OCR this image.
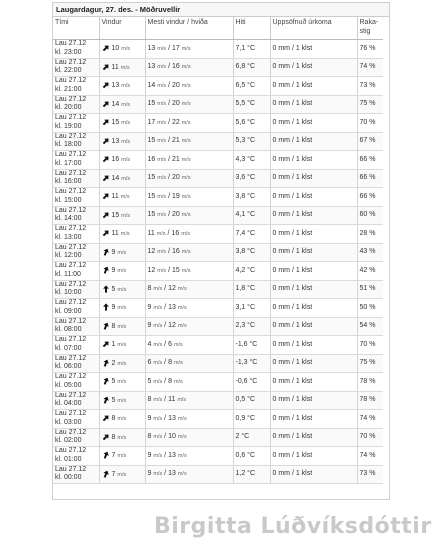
Laugardagur, 27. des. - Möðruvellir
Tími	Vindur	Mesti vindur / hviða	Hiti	Uppsöfnuð úrkoma	Raka-
stig
Lau 27.12
kl. 23:00	10 m/s	13 m/s / 17 m/s	7,1 °C	0 mm / 1 klst	76 %
Lau 27.12
kl. 22:00	11 m/s	13 m/s / 16 m/s	6,8 °C	0 mm / 1 klst	74 %
Lau 27.12
kl. 21:00	13 m/s	14 m/s / 20 m/s	6,5 °C	0 mm / 1 klst	73 %
Lau 27.12
kl. 20:00	14 m/s	15 m/s / 20 m/s	5,5 °C	0 mm / 1 klst	75 %
Lau 27.12
kl. 19:00	15 m/s	17 m/s / 22 m/s	5,6 °C	0 mm / 1 klst	70 %
Lau 27.12
kl. 18:00	13 m/s	15 m/s / 21 m/s	5,3 °C	0 mm / 1 klst	67 %
Lau 27.12
kl. 17:00	16 m/s	16 m/s / 21 m/s	4,3 °C	0 mm / 1 klst	66 %
Lau 27.12
kl. 16:00	14 m/s	15 m/s / 20 m/s	3,6 °C	0 mm / 1 klst	66 %
Lau 27.12
kl. 15:00	11 m/s	15 m/s / 19 m/s	3,8 °C	0 mm / 1 klst	66 %
Lau 27.12
kl. 14:00	15 m/s	15 m/s / 20 m/s	4,1 °C	0 mm / 1 klst	60 %
Lau 27.12
kl. 13:00	11 m/s	11 m/s / 16 m/s	7,4 °C	0 mm / 1 klst	28 %
Lau 27.12
kl. 12:00	9 m/s	12 m/s / 16 m/s	3,8 °C	0 mm / 1 klst	43 %
Lau 27.12
kl. 11:00	9 m/s	12 m/s / 15 m/s	4,2 °C	0 mm / 1 klst	42 %
Lau 27.12
kl. 10:00	5 m/s	8 m/s / 12 m/s	1,8 °C	0 mm / 1 klst	51 %
Lau 27.12
kl. 09:00	9 m/s	9 m/s / 13 m/s	3,1 °C	0 mm / 1 klst	50 %
Lau 27.12
kl. 08:00	8 m/s	9 m/s / 12 m/s	2,3 °C	0 mm / 1 klst	54 %
Lau 27.12
kl. 07:00	1 m/s	4 m/s / 6 m/s	-1,6 °C	0 mm / 1 klst	70 %
Lau 27.12
kl. 06:00	2 m/s	6 m/s / 8 m/s	-1,3 °C	0 mm / 1 klst	75 %
Lau 27.12
kl. 05:00	5 m/s	5 m/s / 8 m/s	-0,6 °C	0 mm / 1 klst	78 %
Lau 27.12
kl. 04:00	5 m/s	8 m/s / 11 m/s	0,5 °C	0 mm / 1 klst	78 %
Lau 27.12
kl. 03:00	8 m/s	9 m/s / 13 m/s	0,9 °C	0 mm / 1 klst	74 %
Lau 27.12
kl. 02:00	8 m/s	8 m/s / 10 m/s	2 °C	0 mm / 1 klst	70 %
Lau 27.12
kl. 01:00	7 m/s	9 m/s / 13 m/s	0,6 °C	0 mm / 1 klst	74 %
Lau 27.12
kl. 00:00	7 m/s	9 m/s / 13 m/s	1,2 °C	0 mm / 1 klst	73 %
Birgitta Lúðvíksdóttir
